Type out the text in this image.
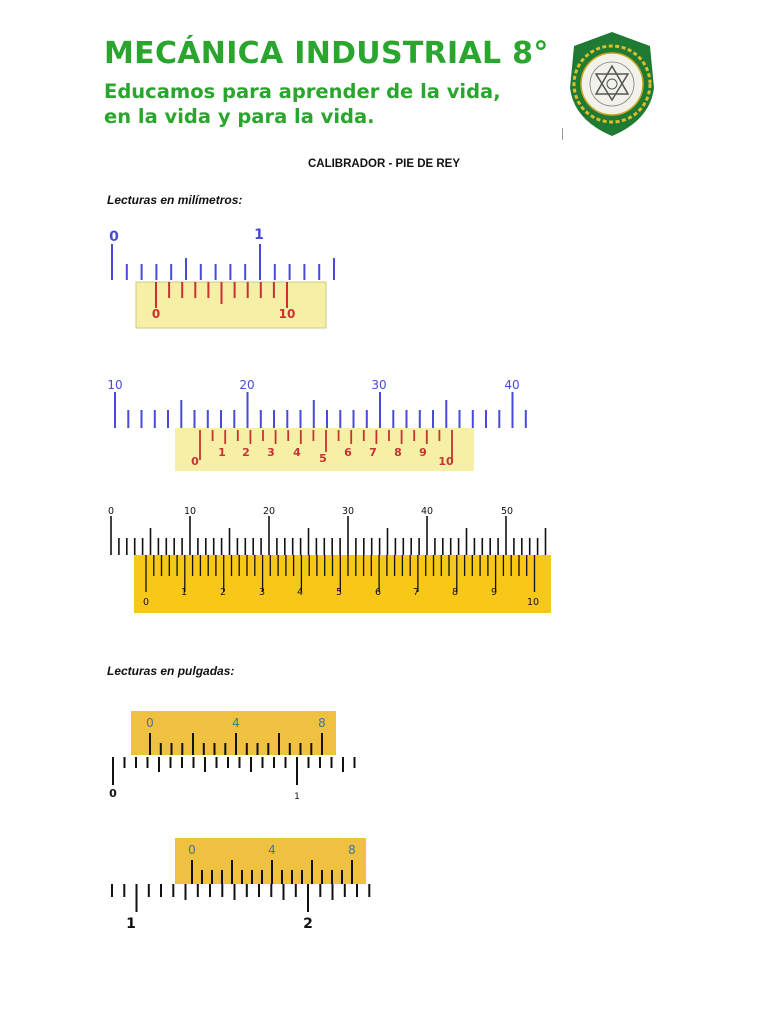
MECÁNICA INDUSTRIAL 8°
Educamos para aprender de la vida,
en la vida y para la vida.
CALIBRADOR - PIE DE REY
Lecturas en milímetros:
Lecturas en pulgadas:
0	1
0	10
10	20	30	40
0
1 2 3 4 5 6 7 8 9
10
0	10	20	30	40	50
0
1	2	3	4	5	6	7	8	9
10
0	4	8
0	1
0	4	8
1	2
